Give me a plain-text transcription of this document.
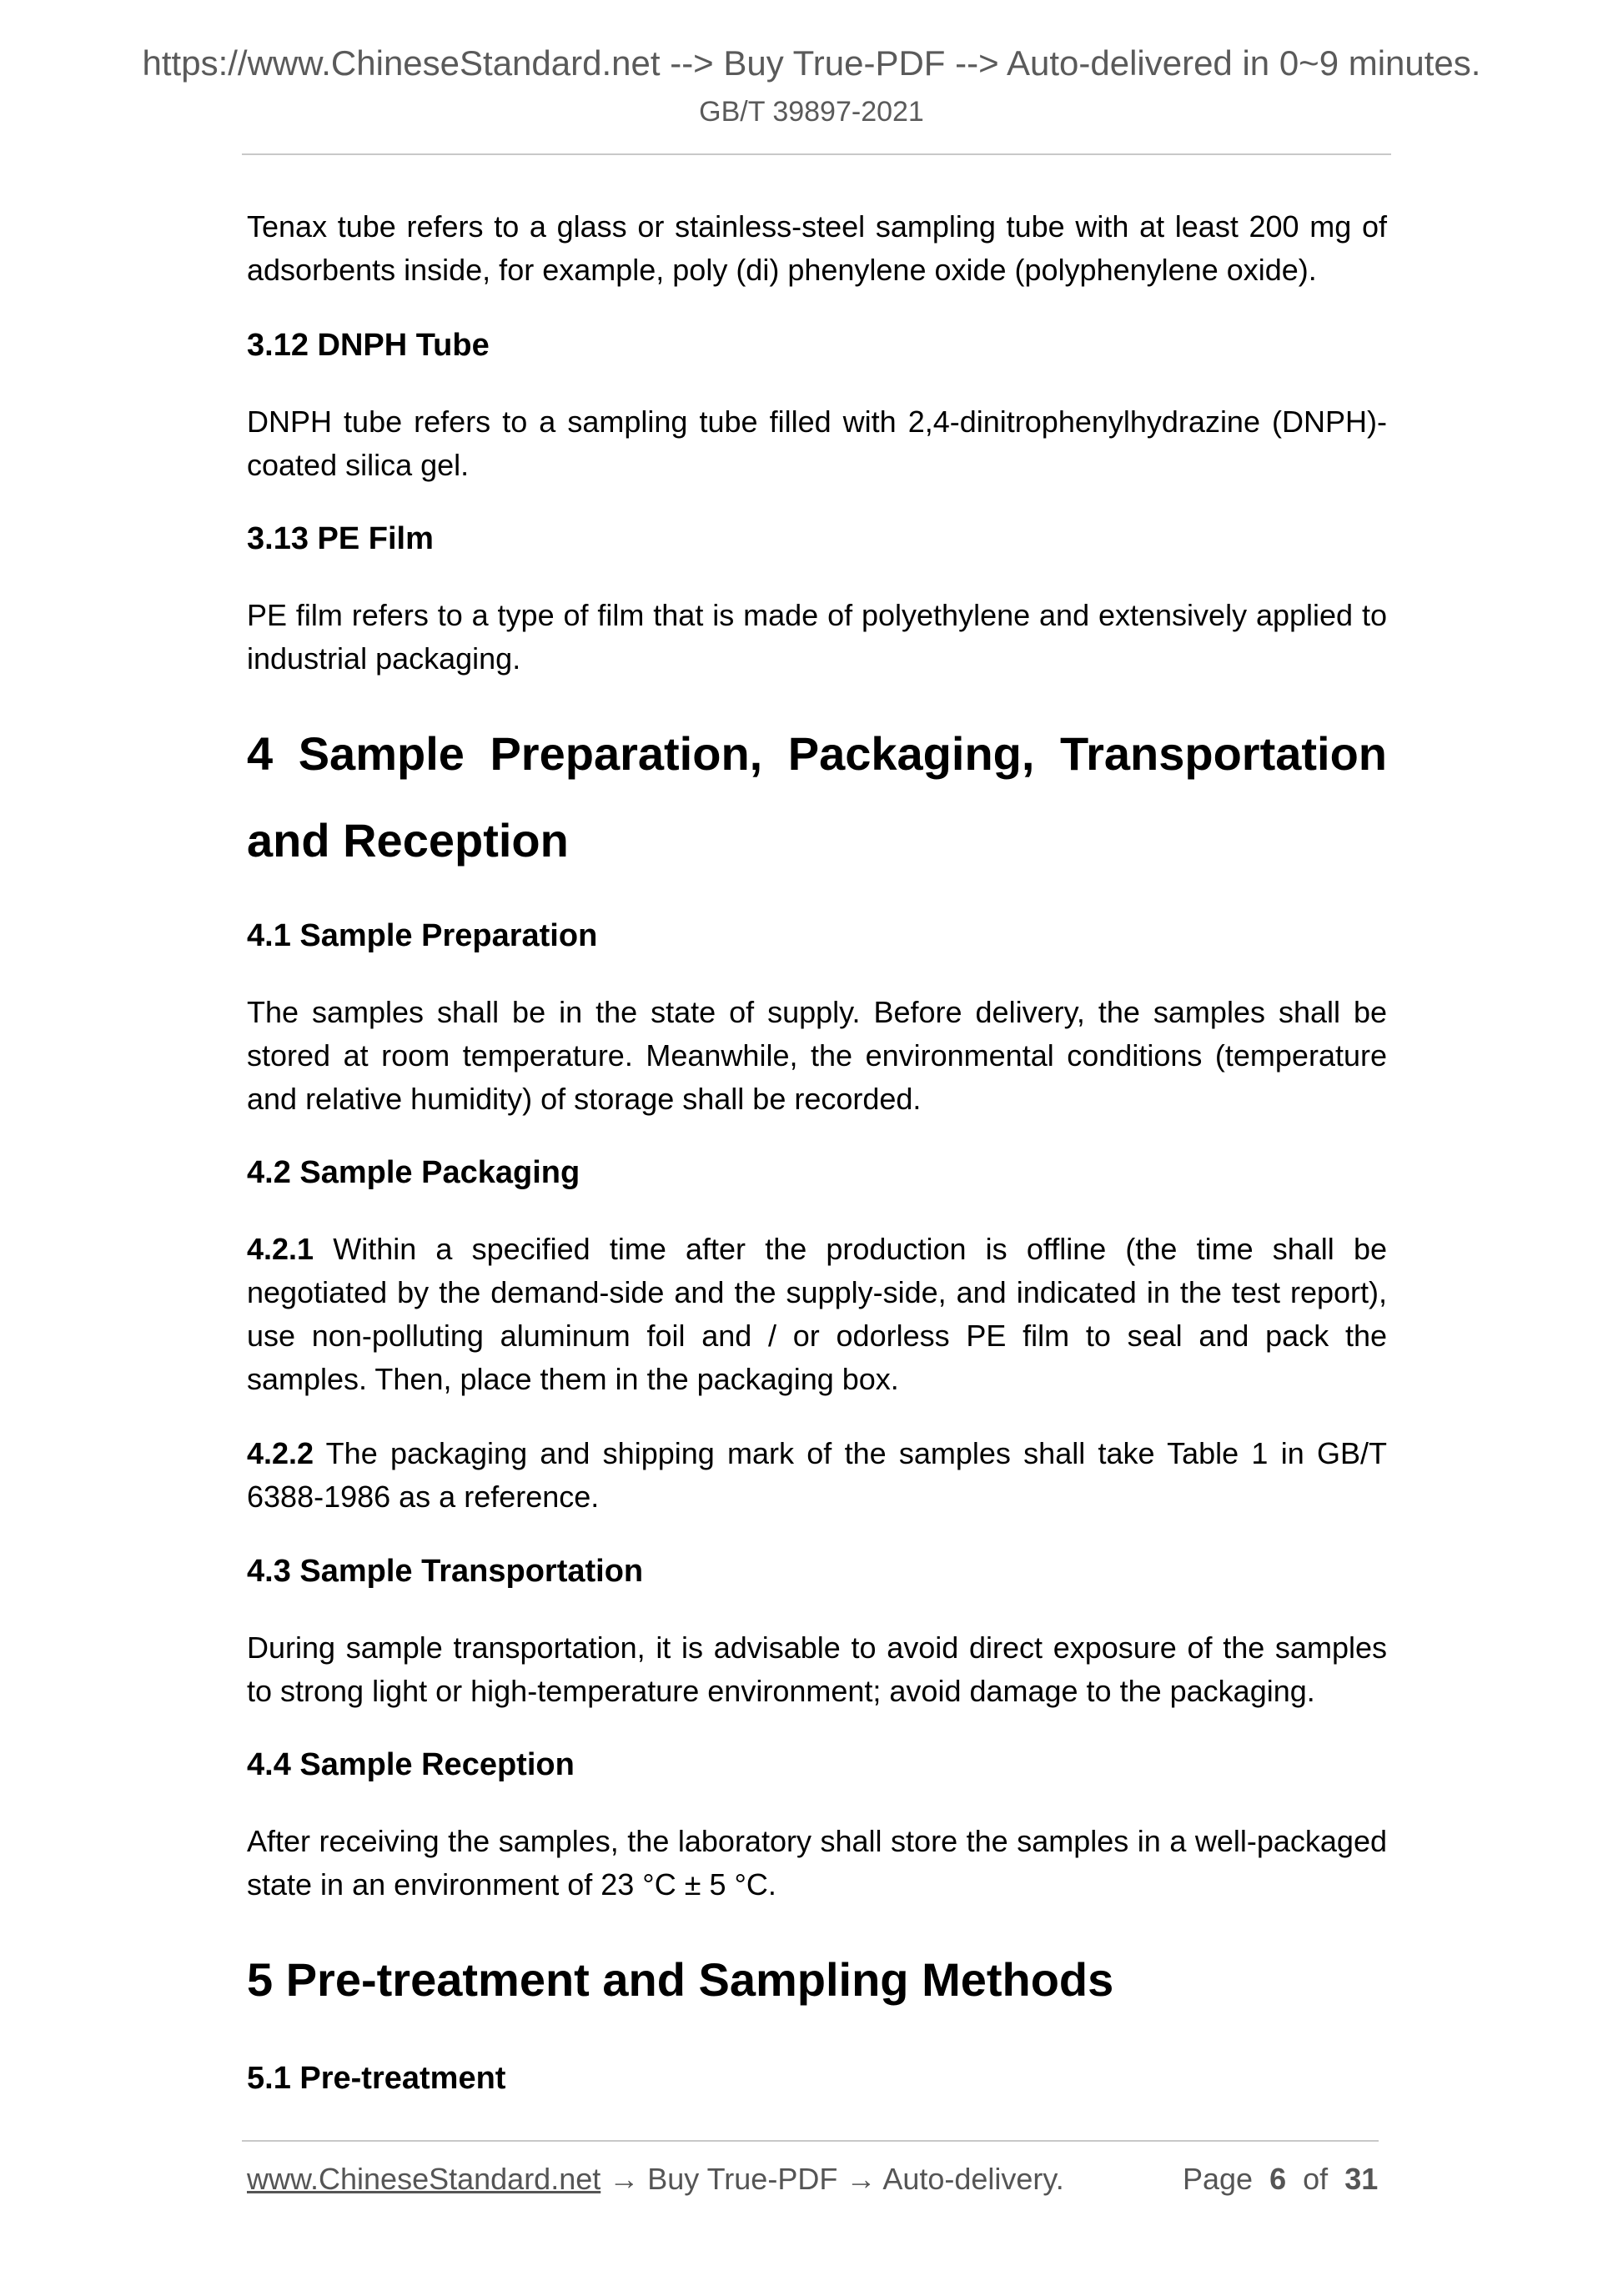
https://www.ChineseStandard.net --> Buy True-PDF --> Auto-delivered in 0~9 minutes.
GB/T 39897-2021

Tenax tube refers to a glass or stainless-steel sampling tube with at least 200 mg of adsorbents inside, for example, poly (di) phenylene oxide (polyphenylene oxide).

3.12 DNPH Tube

DNPH tube refers to a sampling tube filled with 2,4-dinitrophenylhydrazine (DNPH)-coated silica gel.

3.13 PE Film

PE film refers to a type of film that is made of polyethylene and extensively applied to industrial packaging.

4 Sample Preparation, Packaging, Transportation and Reception
4.1 Sample Preparation

The samples shall be in the state of supply. Before delivery, the samples shall be stored at room temperature. Meanwhile, the environmental conditions (temperature and relative humidity) of storage shall be recorded.

4.2 Sample Packaging

4.2.1 Within a specified time after the production is offline (the time shall be negotiated by the demand-side and the supply-side, and indicated in the test report), use non-polluting aluminum foil and / or odorless PE film to seal and pack the samples. Then, place them in the packaging box.

4.2.2 The packaging and shipping mark of the samples shall take Table 1 in GB/T 6388-1986 as a reference.

4.3 Sample Transportation

During sample transportation, it is advisable to avoid direct exposure of the samples to strong light or high-temperature environment; avoid damage to the packaging.

4.4 Sample Reception

After receiving the samples, the laboratory shall store the samples in a well-packaged state in an environment of 23 °C ± 5 °C.

5 Pre-treatment and Sampling Methods
5.1 Pre-treatment
www.ChineseStandard.net → Buy True-PDF → Auto-delivery.	Page 6 of 31
